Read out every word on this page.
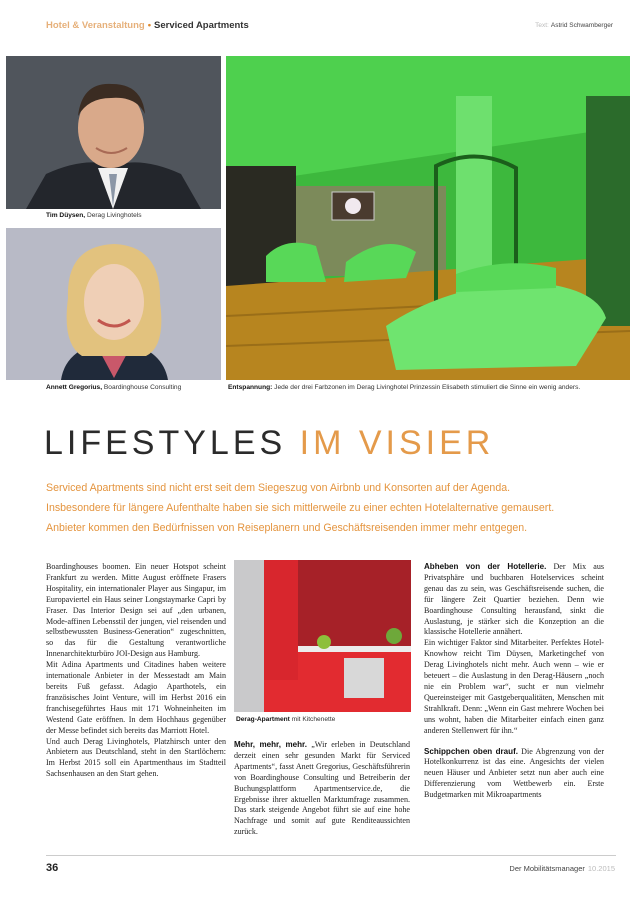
Hotel & Veranstaltung • Serviced Apartments	Text: Astrid Schwamberger
Tim Düysen, Derag Livinghotels
Annett Gregorius, Boardinghouse Consulting	Entspannung: Jede der drei Farbzonen im Derag Livinghotel Prinzessin Elisabeth stimuliert die Sinne ein wenig anders.
LIFESTYLES IM VISIER

Serviced Apartments sind nicht erst seit dem Siegeszug von Airbnb und Konsorten auf der Agenda.

Insbesondere für längere Aufenthalte haben sie sich mittlerweile zu einer echten Hotelalternative gemausert.

Anbieter kommen den Bedürfnissen von Reiseplanern und Geschäftsreisenden immer mehr entgegen.

Boardinghouses boomen. Ein neuer Hotspot scheint Frankfurt zu werden. Mitte August eröffnete Frasers Hospitality, ein internationaler Player aus Singapur, im Europaviertel ein Haus seiner Longstaymarke Capri by Fraser. Das Interior Design sei auf „den urbanen, Mode-affinen Lebensstil der jungen, viel reisenden und selbstbewussten Business-Generation“ zugeschnitten, so das für die Gestaltung verantwortliche Innenarchitekturbüro JOI-Design aus Hamburg.

Mit Adina Apartments und Citadines haben weitere internationale Anbieter in der Messestadt am Main bereits Fuß gefasst. Adagio Aparthotels, ein französisches Joint Venture, will im Herbst 2016 ein franchisegeführtes Haus mit 171 Wohneinheiten im Westend Gate eröffnen. In dem Hochhaus gegenüber der Messe befindet sich bereits das Marriott Hotel.

Und auch Derag Livinghotels, Platzhirsch unter den Anbietern aus Deutschland, steht in den Startlöchern: Im Herbst 2015 soll ein Apartmenthaus im Stadtteil Sachsenhausen an den Start gehen.

Derag-Apartment mit Kitchenette

Mehr, mehr, mehr. „Wir erleben in Deutschland derzeit einen sehr gesunden Markt für Serviced Apartments“, fasst Anett Gregorius, Geschäftsführerin von Boardinghouse Consulting und Betreiberin der Buchungsplattform Apartmentservice.de, die Ergebnisse ihrer aktuellen Marktumfrage zusammen. Das stark steigende Angebot führt sie auf eine hohe Nachfrage und somit auf gute Renditeaussichten zurück.

Abheben von der Hotellerie. Der Mix aus Privatsphäre und buchbaren Hotelservices scheint genau das zu sein, was Geschäftsreisende suchen, die für längere Zeit Quartier beziehen. Denn wie Boardinghouse Consulting herausfand, sinkt die Auslastung, je stärker sich die Konzeption an die klassische Hotellerie annähert.

Ein wichtiger Faktor sind Mitarbeiter. Perfektes Hotel-Knowhow reicht Tim Düysen, Marketingchef von Derag Livinghotels nicht mehr. Auch wenn – wie er beteuert – die Auslastung in den Derag-Häusern „noch nie ein Problem war“, sucht er nun vielmehr Quereinsteiger mit Gastgeberqualitäten, Menschen mit Strahlkraft. Denn: „Wenn ein Gast mehrere Wochen bei uns wohnt, haben die Mitarbeiter einfach einen ganz anderen Stellenwert für ihn.“

Schippchen oben drauf. Die Abgrenzung von der Hotelkonkurrenz ist das eine. Angesichts der vielen neuen Häuser und Anbieter setzt nun aber auch eine Differenzierung vom Wettbewerb ein. Erste Budgetmarken mit Mikroapartments

36	Der Mobilitätsmanager 10.2015
